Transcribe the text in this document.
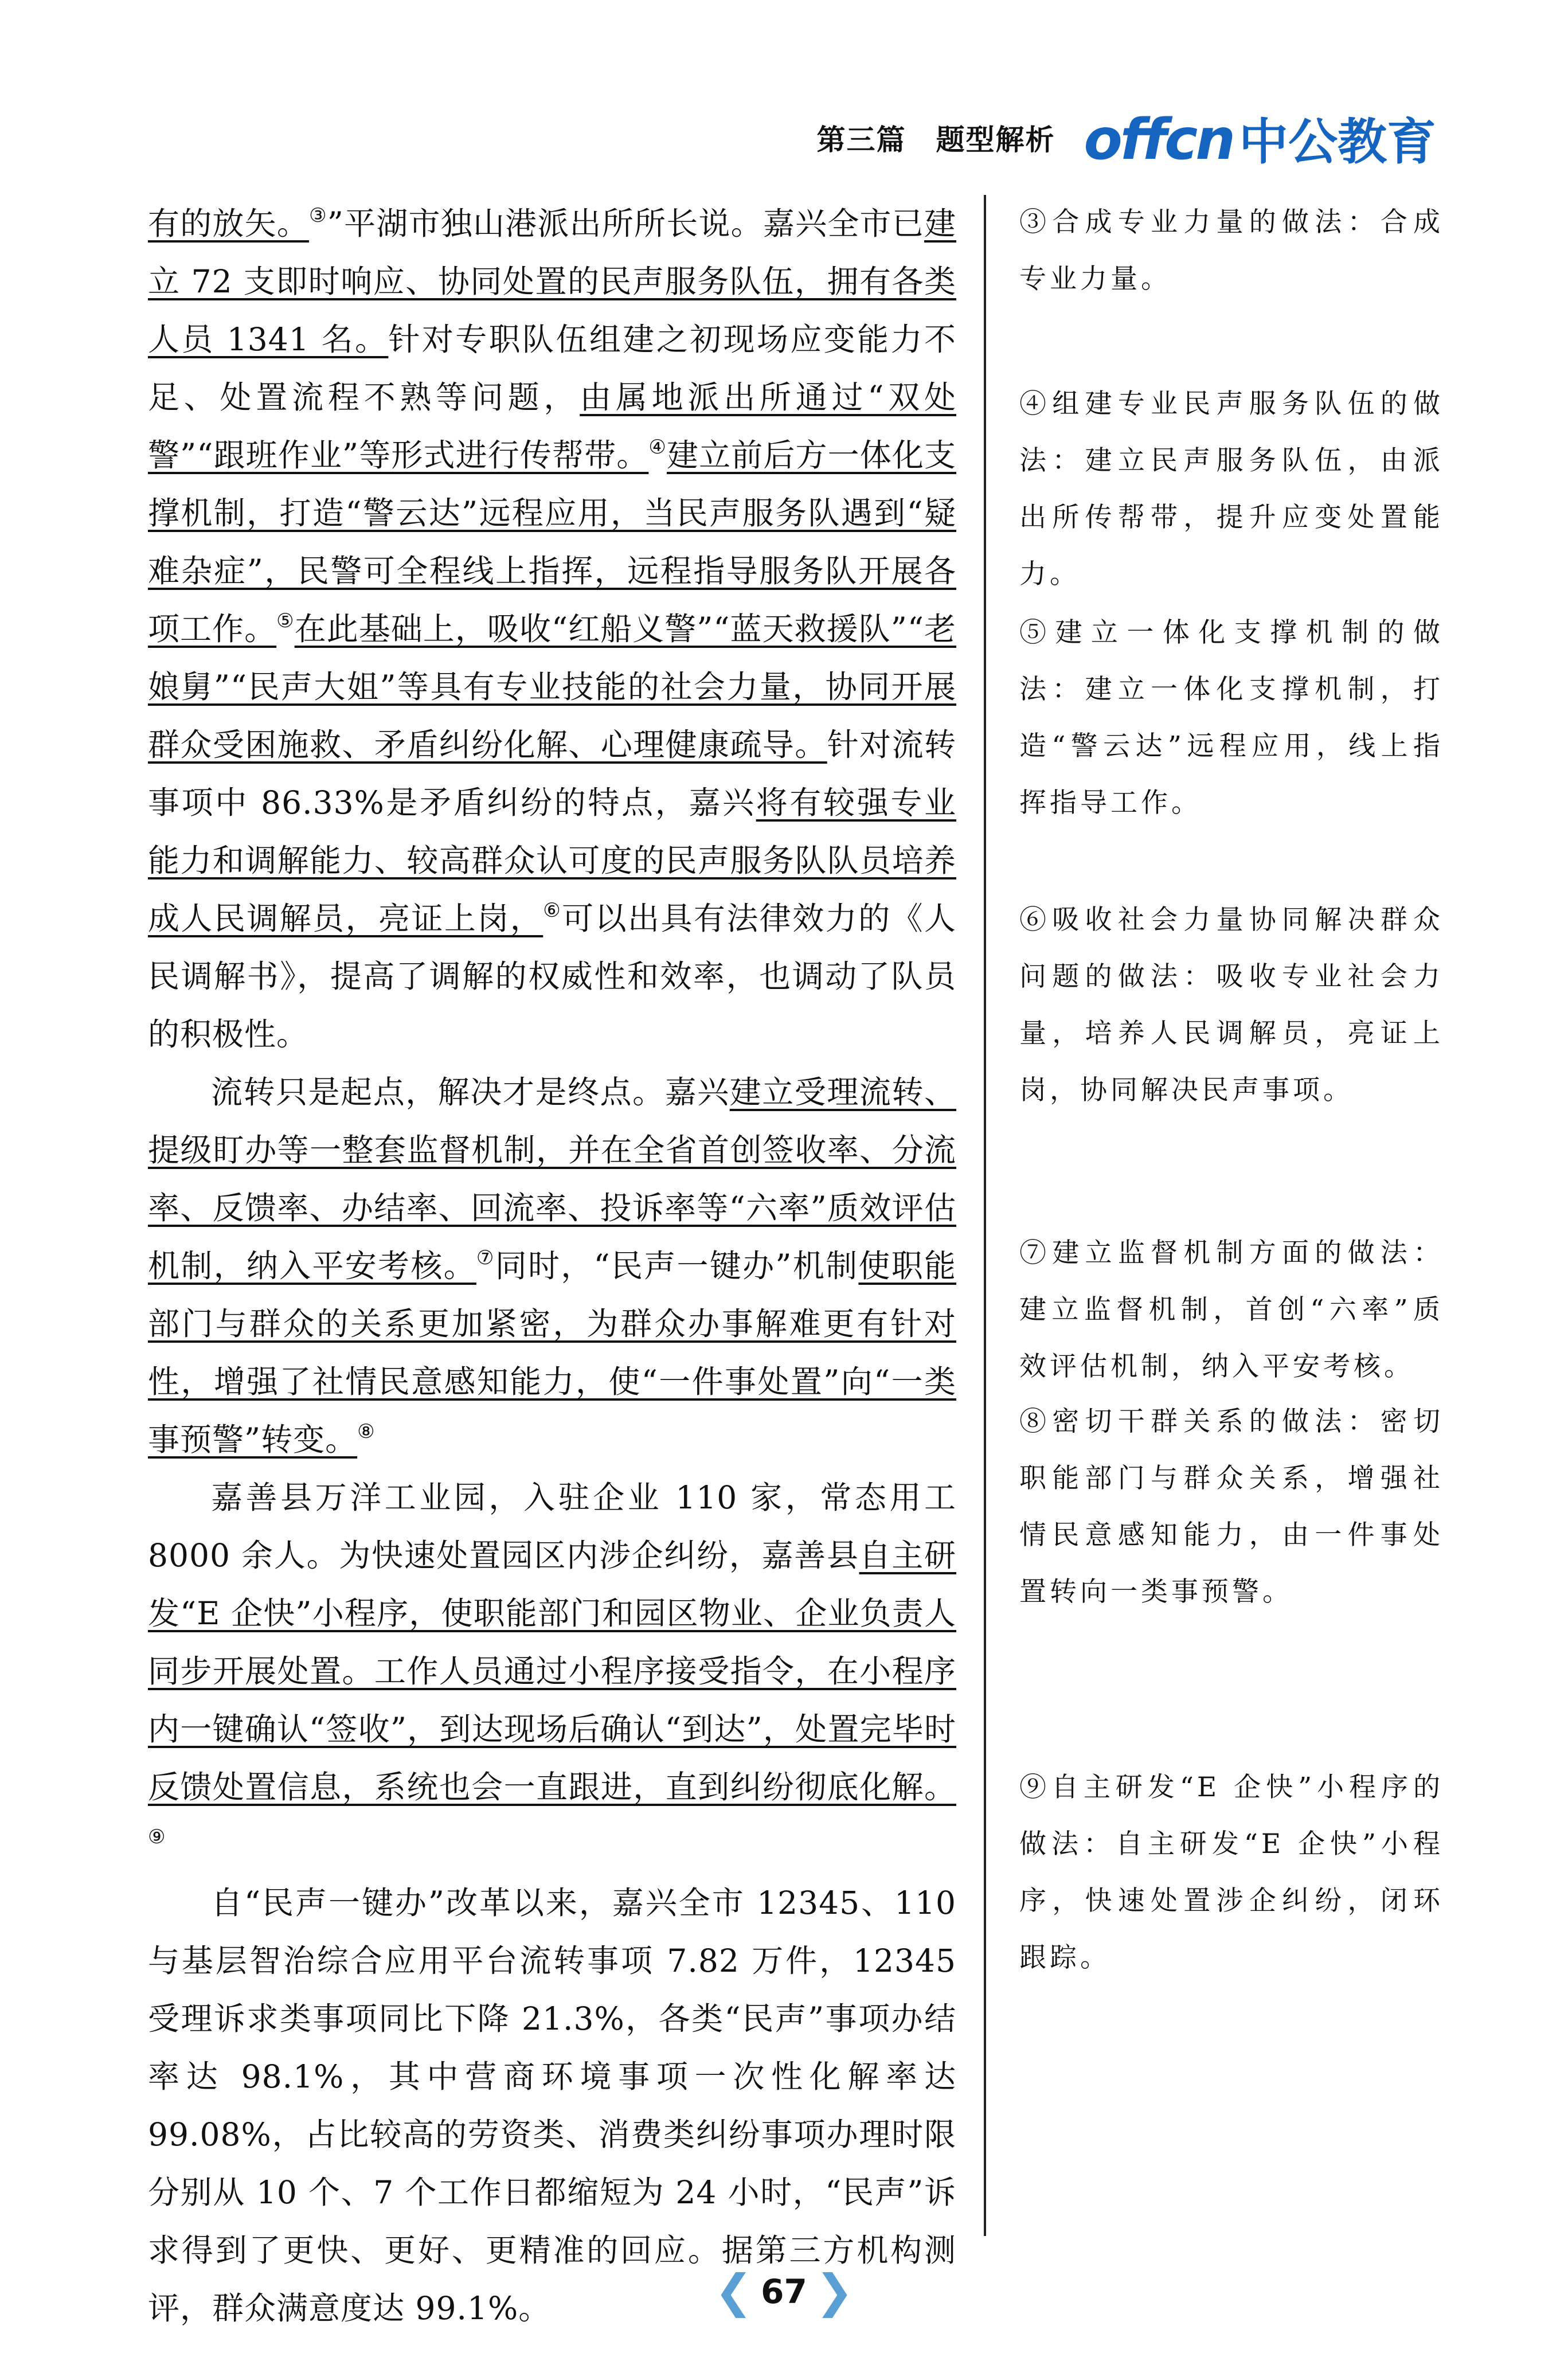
第三篇　题型解析 offcn 中公教育

有的放矢。③”平湖市独山港派出所所长说。嘉兴全市已建立 72 支即时响应、协同处置的民声服务队伍，拥有各类人员 1341 名。针对专职队伍组建之初现场应变能力不足、处置流程不熟等问题，由属地派出所通过“双处警”“跟班作业”等形式进行传帮带。④建立前后方一体化支撑机制，打造“警云达”远程应用，当民声服务队遇到“疑难杂症”，民警可全程线上指挥，远程指导服务队开展各项工作。⑤在此基础上，吸收“红船义警”“蓝天救援队”“老娘舅”“民声大姐”等具有专业技能的社会力量，协同开展群众受困施救、矛盾纠纷化解、心理健康疏导。针对流转事项中 86.33%是矛盾纠纷的特点，嘉兴将有较强专业能力和调解能力、较高群众认可度的民声服务队队员培养成人民调解员，亮证上岗，⑥可以出具有法律效力的《人民调解书》，提高了调解的权威性和效率，也调动了队员的积极性。

流转只是起点，解决才是终点。嘉兴建立受理流转、提级盯办等一整套监督机制，并在全省首创签收率、分流率、反馈率、办结率、回流率、投诉率等“六率”质效评估机制，纳入平安考核。⑦同时，“民声一键办”机制使职能部门与群众的关系更加紧密，为群众办事解难更有针对性，增强了社情民意感知能力，使“一件事处置”向“一类事预警”转变。⑧

嘉善县万洋工业园，入驻企业 110 家，常态用工 8000 余人。为快速处置园区内涉企纠纷，嘉善县自主研发“E 企快”小程序，使职能部门和园区物业、企业负责人同步开展处置。工作人员通过小程序接受指令，在小程序内一键确认“签收”，到达现场后确认“到达”，处置完毕时反馈处置信息，系统也会一直跟进，直到纠纷彻底化解。⑨

自“民声一键办”改革以来，嘉兴全市 12345、110 与基层智治综合应用平台流转事项 7.82 万件，12345 受理诉求类事项同比下降 21.3%，各类“民声”事项办结率达 98.1%，其中营商环境事项一次性化解率达 99.08%，占比较高的劳资类、消费类纠纷事项办理时限分别从 10 个、7 个工作日都缩短为 24 小时，“民声”诉求得到了更快、更好、更精准的回应。据第三方机构测评，群众满意度达 99.1%。

③合成专业力量的做法：合成专业力量。

④组建专业民声服务队伍的做法：建立民声服务队伍，由派出所传帮带，提升应变处置能力。

⑤建立一体化支撑机制的做法：建立一体化支撑机制，打造“警云达”远程应用，线上指挥指导工作。

⑥吸收社会力量协同解决群众问题的做法：吸收专业社会力量，培养人民调解员，亮证上岗，协同解决民声事项。

⑦建立监督机制方面的做法：建立监督机制，首创“六率”质效评估机制，纳入平安考核。

⑧密切干群关系的做法：密切职能部门与群众关系，增强社情民意感知能力，由一件事处置转向一类事预警。

⑨自主研发“E 企快”小程序的做法：自主研发“E 企快”小程序，快速处置涉企纠纷，闭环跟踪。

❮ 67 ❯
